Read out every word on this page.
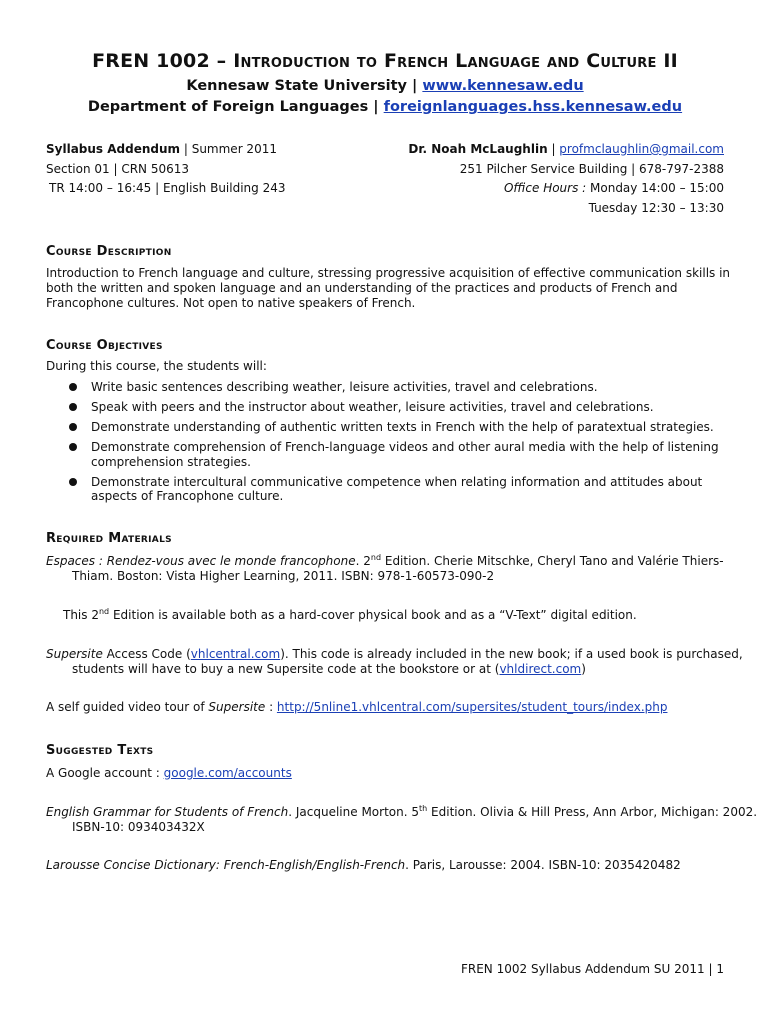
FREN 1002 – Introduction to French Language and Culture II
Kennesaw State University | www.kennesaw.edu
Department of Foreign Languages | foreignlanguages.hss.kennesaw.edu
Syllabus Addendum | Summer 2011
Section 01 | CRN 50613
TR 14:00 – 16:45 | English Building 243
Dr. Noah McLaughlin | profmclaughlin@gmail.com
251 Pilcher Service Building | 678-797-2388
Office Hours : Monday 14:00 – 15:00
Tuesday 12:30 – 13:30
Course Description
Introduction to French language and culture, stressing progressive acquisition of effective communication skills in both the written and spoken language and an understanding of the practices and products of French and Francophone cultures. Not open to native speakers of French.
Course Objectives
During this course, the students will:
Write basic sentences describing weather, leisure activities, travel and celebrations.
Speak with peers and the instructor about weather, leisure activities, travel and celebrations.
Demonstrate understanding of authentic written texts in French with the help of paratextual strategies.
Demonstrate comprehension of French-language videos and other aural media with the help of listening comprehension strategies.
Demonstrate intercultural communicative competence when relating information and attitudes about aspects of Francophone culture.
Required Materials
Espaces : Rendez-vous avec le monde francophone. 2nd Edition. Cherie Mitschke, Cheryl Tano and Valérie Thiers-Thiam. Boston: Vista Higher Learning, 2011. ISBN: 978-1-60573-090-2
This 2nd Edition is available both as a hard-cover physical book and as a “V-Text” digital edition.
Supersite Access Code (vhlcentral.com). This code is already included in the new book; if a used book is purchased, students will have to buy a new Supersite code at the bookstore or at (vhldirect.com)
A self guided video tour of Supersite : http://5nline1.vhlcentral.com/supersites/student_tours/index.php
Suggested Texts
A Google account : google.com/accounts
English Grammar for Students of French. Jacqueline Morton. 5th Edition. Olivia & Hill Press, Ann Arbor, Michigan: 2002. ISBN-10: 093403432X
Larousse Concise Dictionary: French-English/English-French. Paris, Larousse: 2004. ISBN-10: 2035420482
FREN 1002 Syllabus Addendum SU 2011 | 1
